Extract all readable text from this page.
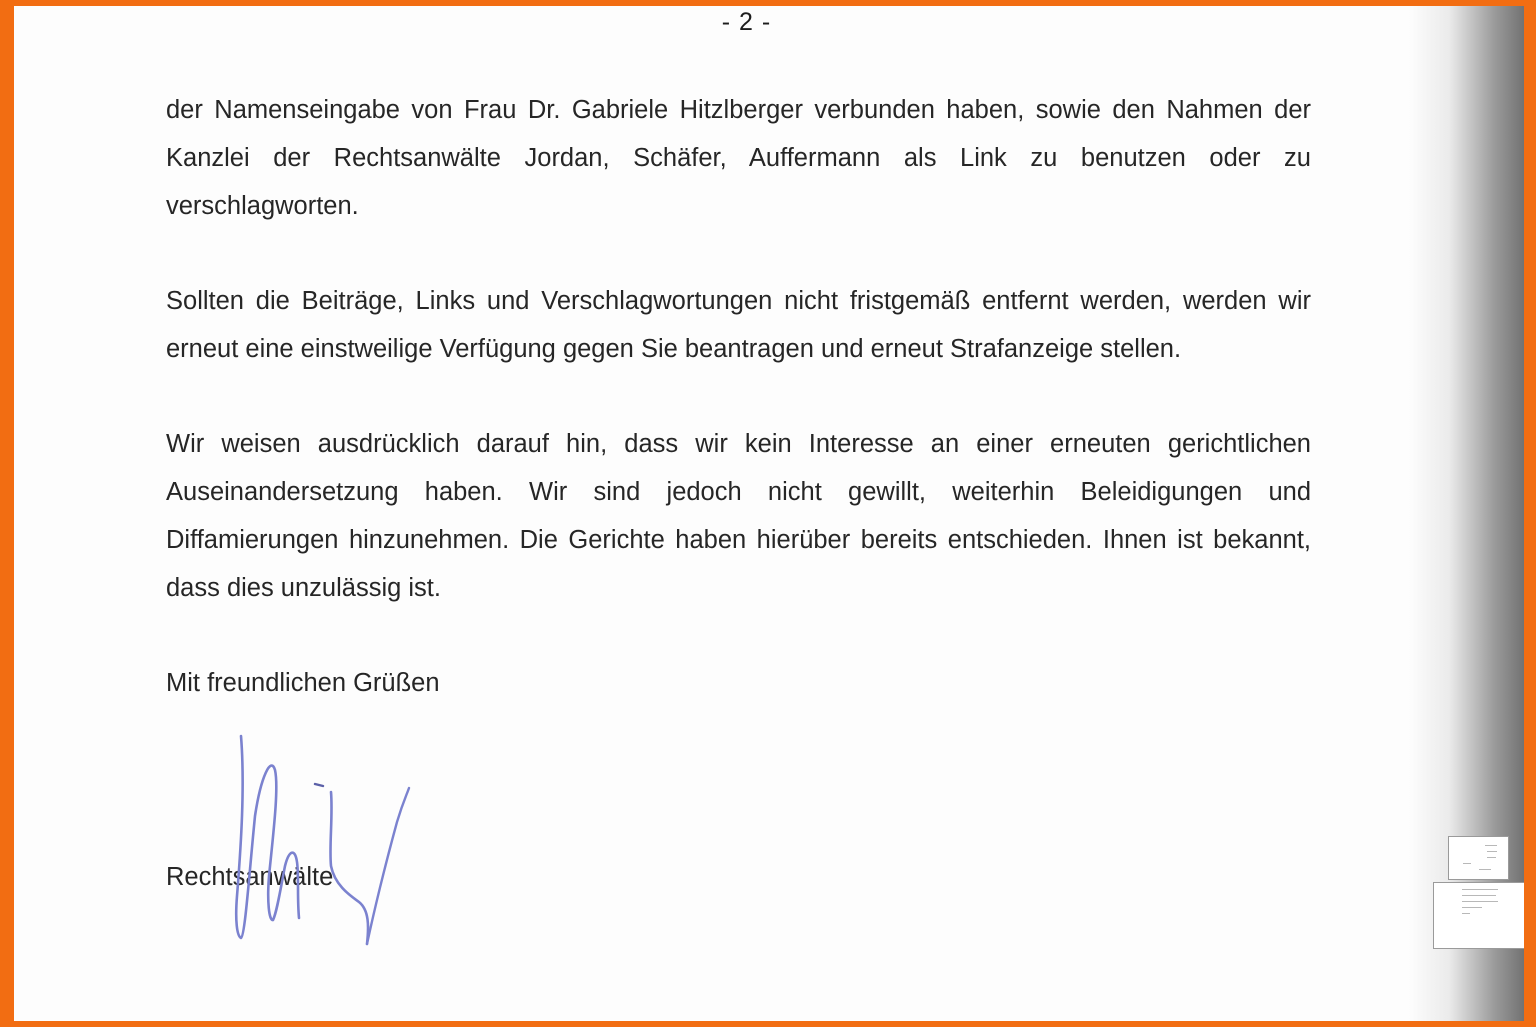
- 2 -

der Namenseingabe von Frau Dr. Gabriele Hitzlberger verbunden haben, sowie den Nahmen der Kanzlei der Rechtsanwälte Jordan, Schäfer, Auffermann als Link zu benutzen oder zu verschlagworten.

Sollten die Beiträge, Links und Verschlagwortungen nicht fristgemäß entfernt werden, werden wir erneut eine einstweilige Verfügung gegen Sie beantragen und erneut Strafanzeige stellen.

Wir weisen ausdrücklich darauf hin, dass wir kein Interesse an einer erneuten gerichtlichen Auseinandersetzung haben. Wir sind jedoch nicht gewillt, weiterhin Beleidigungen und Diffamierungen hinzunehmen. Die Gerichte haben hierüber bereits entschieden. Ihnen ist bekannt, dass dies unzulässig ist.

Mit freundlichen Grüßen

Rechtsanwälte
